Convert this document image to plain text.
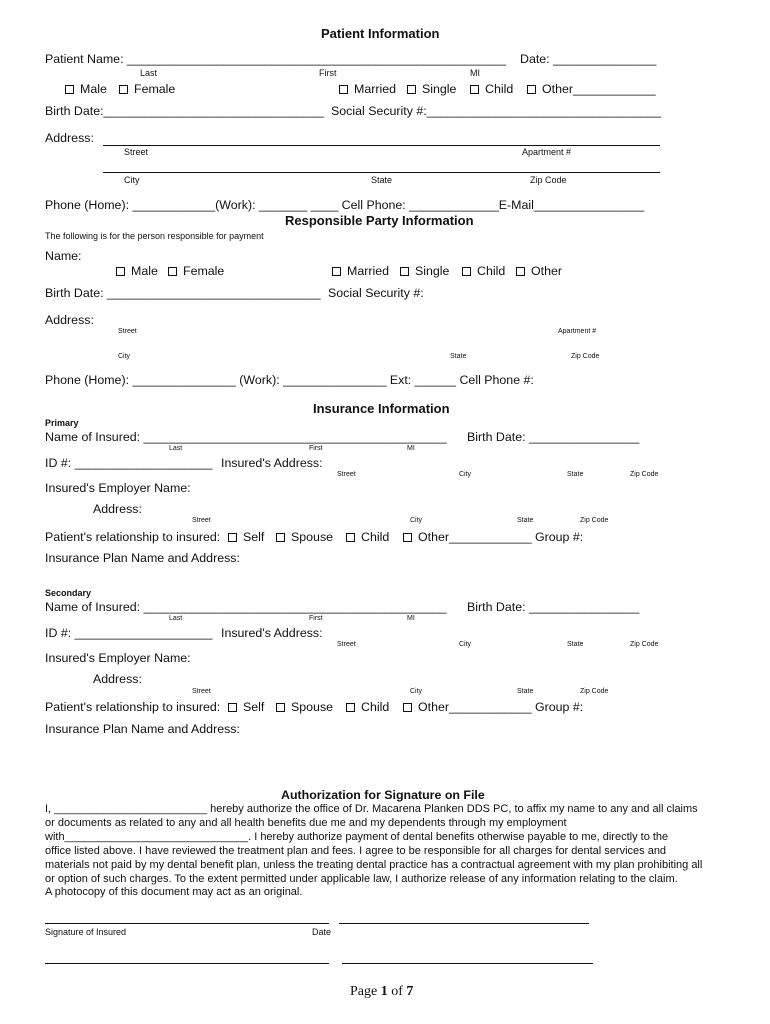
Patient Information
Patient Name: _______________________________________________________ Date: _______________
Last	First	MI
Male	Female	Married	Single	Child	Other____________
Birth Date:________________________________ Social Security #:__________________________________
Address:
Street	Apartment #
City	State	Zip Code
Phone (Home): ____________(Work): _______ ____ Cell Phone: _____________E-Mail________________
Responsible Party Information
The following is for the person responsible for payment
Name:
Male	Female	Married	Single	Child	Other
Birth Date: _______________________________ Social Security #:
Address:
Street	Apartment #
City	State	Zip Code
Phone (Home): _______________ (Work): _______________ Ext: ______ Cell Phone #:
Insurance Information
Primary
Name of Insured: ____________________________________________ Birth Date: ________________
Last	First	MI
ID #: ____________________ Insured's Address:
Street	City	State	Zip Code
Insured's Employer Name:
Address:
Street	City	State	Zip Code
Patient's relationship to insured:	Self	Spouse	Child	Other____________ Group #:
Insurance Plan Name and Address:
Secondary
Name of Insured: ____________________________________________ Birth Date: ________________
Last	First	MI
ID #: ____________________ Insured's Address:
Street	City	State	Zip Code
Insured's Employer Name:
Address:
Street	City	State	Zip Code
Patient's relationship to insured:	Self	Spouse	Child	Other____________ Group #:
Insurance Plan Name and Address:
Authorization for Signature on File
I, _________________________ hereby authorize the office of Dr. Macarena Planken DDS PC, to affix my name to any and all claims
or documents as related to any and all health benefits due me and my dependents through my employment
with______________________________. I hereby authorize payment of dental benefits otherwise payable to me, directly to the
office listed above. I have reviewed the treatment plan and fees. I agree to be responsible for all charges for dental services and
materials not paid by my dental benefit plan, unless the treating dental practice has a contractual agreement with my plan prohibiting all
or option of such charges. To the extent permitted under applicable law, I authorize release of any information relating to the claim.
A photocopy of this document may act as an original.
Signature of Insured	Date
Page 1 of 7
